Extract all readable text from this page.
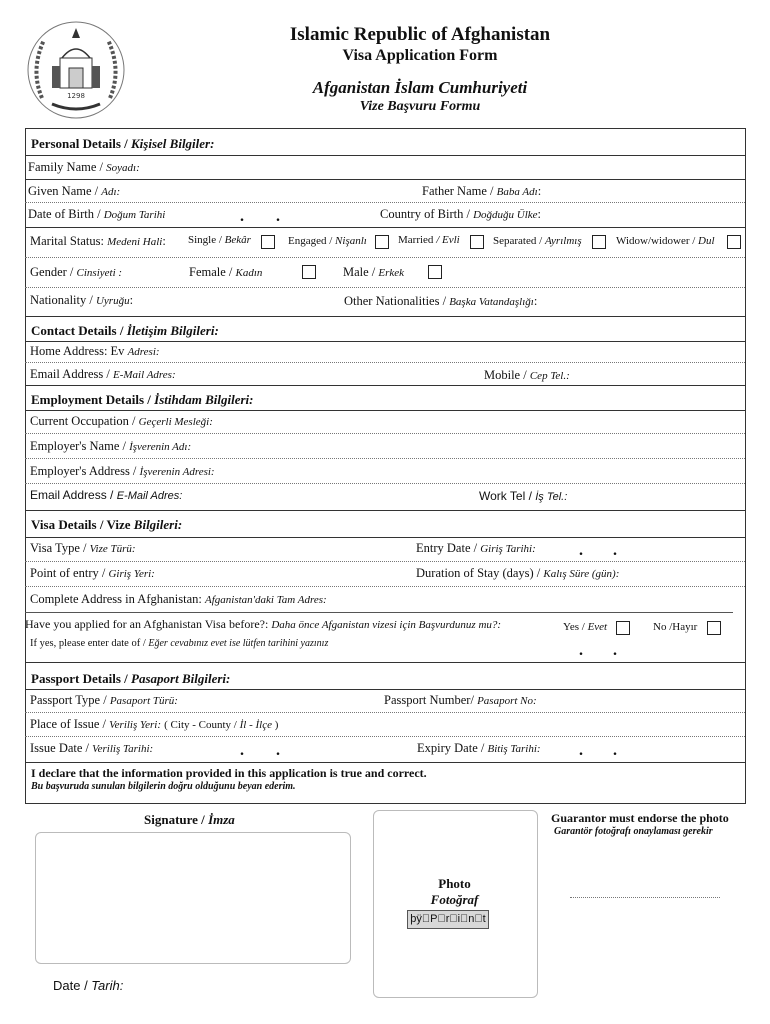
...
1298
Islamic Republic of Afghanistan
Visa Application Form
Afganistan İslam Cumhuriyeti
Vize Başvuru Formu
Personal Details / Kişisel Bilgiler:
Family Name / Soyadı:
Given Name / Adı:	Father Name / Baba Adı:
Date of Birth / Doğum Tarihi	. .	Country of Birth / Doğduğu Ülke:
Marital Status: Medeni Hali: Single / Bekâr	Engaged / Nişanlı	Married / Evli	Separated / Ayrılmış	Widow/widower / Dul
Gender / Cinsiyeti :	Female / Kadın	Male / Erkek
Nationality / Uyruğu:	Other Nationalities / Başka Vatandaşlığı:
Contact Details / İletişim Bilgileri:
Home Address: Ev Adresi:
Email Address / E-Mail Adres:	Mobile / Cep Tel.:
Employment Details / İstihdam Bilgileri:
Current Occupation / Geçerli Mesleği:
Employer's Name / İşverenin Adı:
Employer's Address / İşverenin Adresi:
Email Address / E-Mail Adres:	Work Tel / İş Tel.:
Visa Details / Vize Bilgileri:
Visa Type / Vize Türü:	Entry Date / Giriş Tarihi:	. .
Point of entry / Giriş Yeri:	Duration of Stay (days) / Kalış Süre (gün):
Complete Address in Afghanistan: Afganistan'daki Tam Adres:
Have you applied for an Afghanistan Visa before?: Daha önce Afganistan vizesi için Başvurdunuz mu?:	Yes / Evet	No /Hayır
If yes, please enter date of / Eğer cevabınız evet ise lütfen tarihini yazınız	. .
Passport Details / Pasaport Bilgileri:
Passport Type / Pasaport Türü:	Passport Number/ Pasaport No:
Place of Issue / Veriliş Yeri: ( City - County / İl - İlçe )
Issue Date / Veriliş Tarihi:	. .	Expiry Date / Bitiş Tarihi: . .
I declare that the information provided in this application is true and correct.
Bu başvuruda sunulan bilgilerin doğru olduğunu beyan ederim.
Signature / İmza
Date / Tarih:
Photo
Fotoğraf
þÿ P r i n t
Guarantor must endorse the photo
Garantör fotoğrafı onaylaması gerekir
